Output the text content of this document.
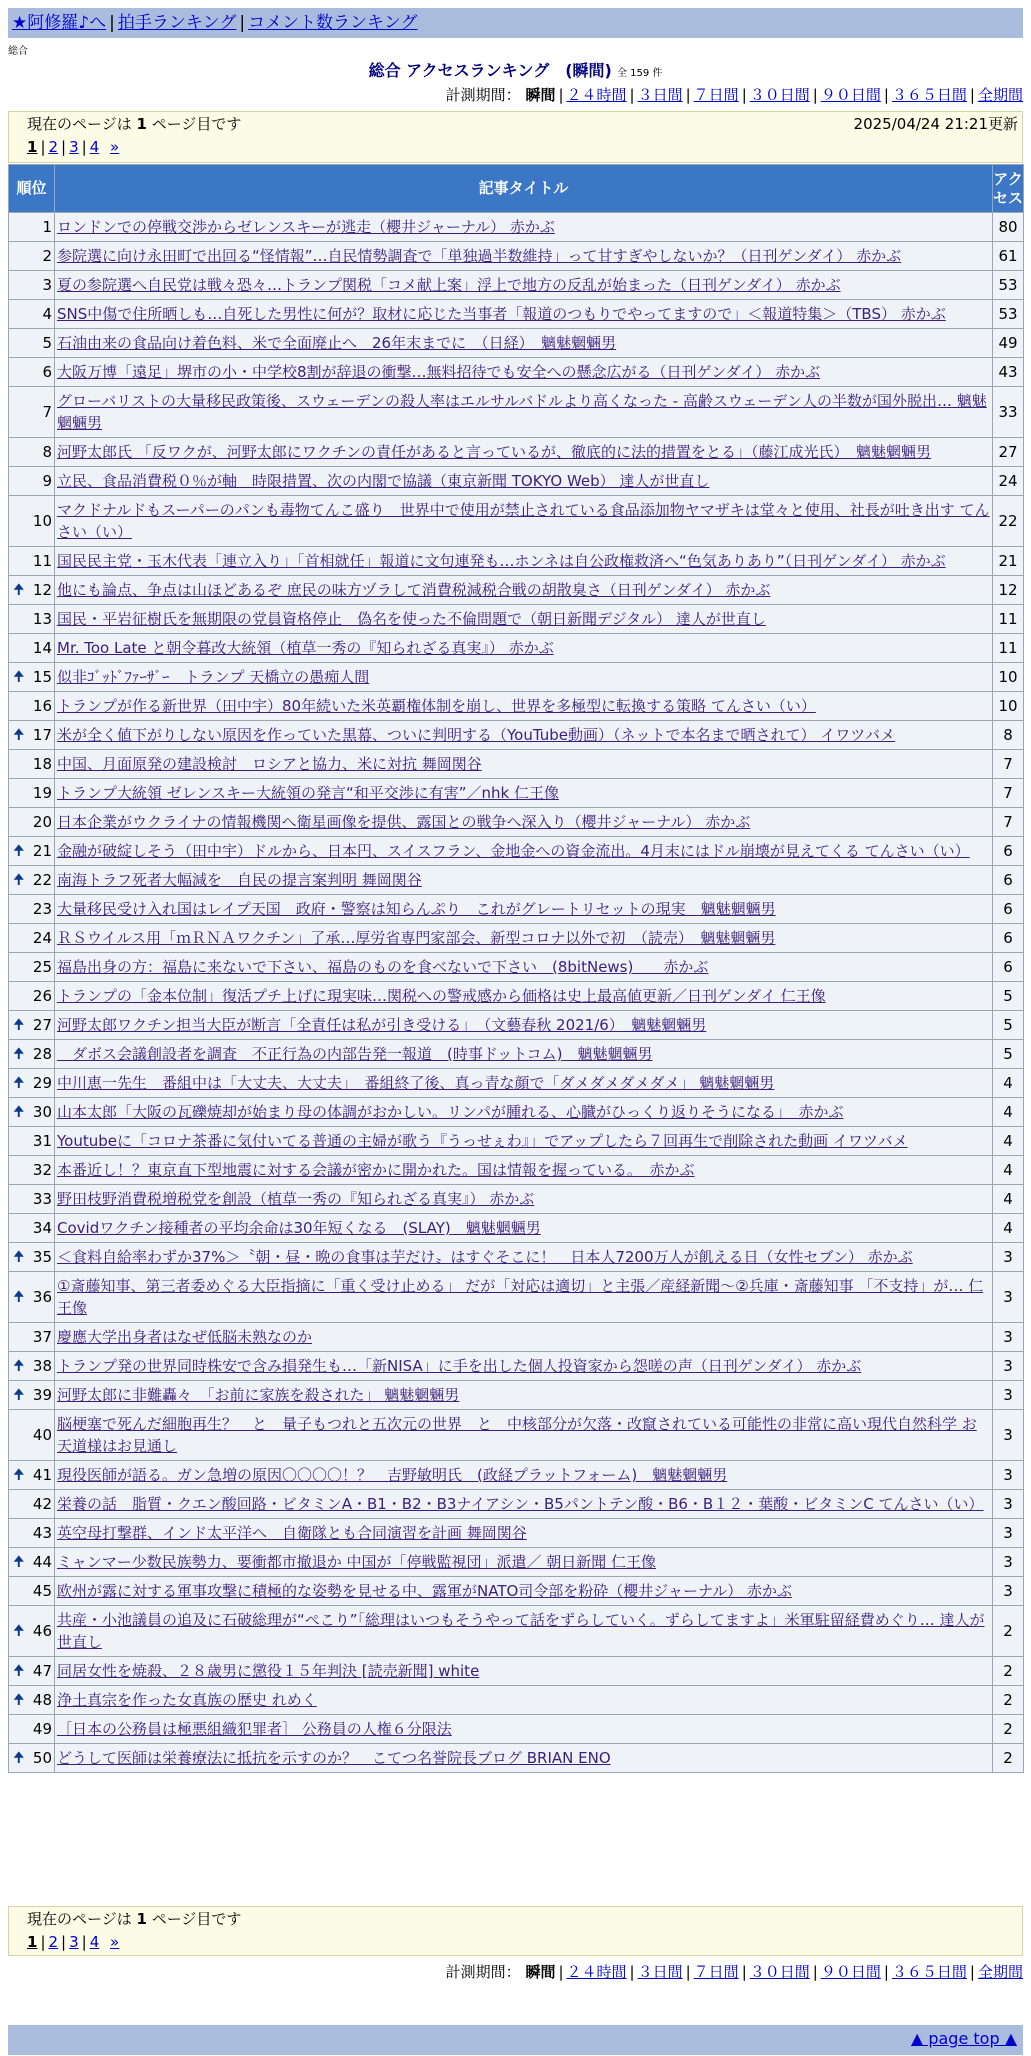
★阿修羅♪へ | 拍手ランキング | コメント数ランキング
総合
総合 アクセスランキング　(瞬間) 全 159 件
計測期間： 瞬間 | ２４時間 | ３日間 | ７日間 | ３０日間 | ９０日間 | ３６５日間 | 全期間
現在のページは 1 ページ目です	2025/04/24 21:21更新
1 | 2 | 3 | 4 »
順位	記事タイトル	アクセス
1	ロンドンでの停戦交渉からゼレンスキーが逃走（櫻井ジャーナル） 赤かぶ	80
2	参院選に向け永田町で出回る“怪情報”…自民情勢調査で「単独過半数維持」って甘すぎやしないか？（日刊ゲンダイ） 赤かぶ	61
3	夏の参院選へ自民党は戦々恐々…トランプ関税「コメ献上案」浮上で地方の反乱が始まった（日刊ゲンダイ） 赤かぶ	53
4	SNS中傷で住所晒しも…自死した男性に何が？取材に応じた当事者「報道のつもりでやってますので」＜報道特集＞（TBS） 赤かぶ	53
5	石油由来の食品向け着色料、米で全面廃止へ　26年末までに　（日経）　魑魅魍魎男	49
6	大阪万博「遠足」堺市の小・中学校8割が辞退の衝撃…無料招待でも安全への懸念広がる（日刊ゲンダイ） 赤かぶ	43
7	グローバリストの大量移民政策後、スウェーデンの殺人率はエルサルバドルより高くなった - 高齢スウェーデン人の半数が国外脱出… 魑魅魍魎男	33
8	河野太郎氏 「反ワクが、河野太郎にワクチンの責任があると言っているが、徹底的に法的措置をとる」（藤江成光氏）　魑魅魍魎男	27
9	立民、食品消費税０％が軸　時限措置、次の内閣で協議（東京新聞 TOKYO Web） 達人が世直し	24
10	マクドナルドもスーパーのパンも毒物てんこ盛り　世界中で使用が禁止されている食品添加物ヤマザキは堂々と使用、社長が吐き出す てんさい（い）	22
11	国民民主党・玉木代表「連立入り」「首相就任」報道に文句連発も…ホンネは自公政権救済へ“色気ありあり”（日刊ゲンダイ） 赤かぶ	21

🠉 12	他にも論点、争点は山ほどあるぞ 庶民の味方ヅラして消費税減税合戦の胡散臭さ（日刊ゲンダイ） 赤かぶ	12
13	国民・平岩征樹氏を無期限の党員資格停止　偽名を使った不倫問題で（朝日新聞デジタル） 達人が世直し	11
14	Mr. Too Late と朝令暮改大統領（植草一秀の『知られざる真実』） 赤かぶ	11

🠉 15	似非ｺﾞｯﾄﾞﾌｧｰｻﾞｰ　トランプ 天橋立の愚痴人間	10
16	トランプが作る新世界（田中宇）80年続いた米英覇権体制を崩し、世界を多極型に転換する策略 てんさい（い）	10

🠉 17	米が全く値下がりしない原因を作っていた黒幕、ついに判明する（YouTube動画）（ネットで本名まで晒されて） イワツバメ	8
18	中国、月面原発の建設検討　ロシアと協力、米に対抗 舞岡関谷	7
19	トランプ大統領 ゼレンスキー大統領の発言“和平交渉に有害”／nhk 仁王像	7
20	日本企業がウクライナの情報機関へ衛星画像を提供、露国との戦争へ深入り（櫻井ジャーナル） 赤かぶ	7

🠉 21	金融が破綻しそう（田中宇）ドルから、日本円、スイスフラン、金地金への資金流出。4月末にはドル崩壊が見えてくる てんさい（い）	6

🠉 22	南海トラフ死者大幅減を　自民の提言案判明 舞岡関谷	6
23	大量移民受け入れ国はレイプ天国　政府・警察は知らんぷり　これがグレートリセットの現実　魑魅魍魎男	6
24	ＲＳウイルス用「ｍＲＮＡワクチン」了承…厚労省専門家部会、新型コロナ以外で初　（読売）　魑魅魍魎男	6
25	福島出身の方：福島に来ないで下さい、福島のものを食べないで下さい　(8bitNews)　　赤かぶ	6
26	トランプの「金本位制」復活プチ上げに現実味…関税への警戒感から価格は史上最高値更新／日刊ゲンダイ 仁王像	5

🠉 27	河野太郎ワクチン担当大臣が断言「全責任は私が引き受ける」　（文藝春秋 2021/6）　魑魅魍魎男	5

🠉 28	　ダボス会議創設者を調査　不正行為の内部告発一報道　(時事ドットコム)　魑魅魍魎男	5

🠉 29	中川恵一先生　番組中は「大丈夫、大丈夫」　番組終了後、真っ青な顔で「ダメダメダメダメ」 魑魅魍魎男	4

🠉 30	山本太郎「大阪の瓦礫焼却が始まり母の体調がおかしい。リンパが腫れる、心臓がひっくり返りそうになる」　赤かぶ	4
31	Youtubeに「コロナ茶番に気付いてる普通の主婦が歌う『うっせぇわ』」でアップしたら７回再生で削除された動画 イワツバメ	4
32	本番近し！？東京直下型地震に対する会議が密かに開かれた。国は情報を握っている。　赤かぶ	4
33	野田枝野消費税増税党を創設（植草一秀の『知られざる真実』） 赤かぶ	4
34	Covidワクチン接種者の平均余命は30年短くなる　(SLAY)　魑魅魍魎男	4

🠉 35	＜食料自給率わずか37%＞〝朝・昼・晩の食事は芋だけ〟はすぐそこに！　日本人7200万人が飢える日（女性セブン） 赤かぶ	3

🠉 36	①斎藤知事、第三者委めぐる大臣指摘に「重く受け止める」 だが「対応は適切」と主張／産経新聞～②兵庫・斎藤知事 「不支持」が… 仁王像	3
37	慶應大学出身者はなぜ低脳未熟なのか	3

🠉 38	トランプ発の世界同時株安で含み損発生も…「新NISA」に手を出した個人投資家から怨嗟の声（日刊ゲンダイ） 赤かぶ	3

🠉 39	河野太郎に非難轟々　「お前に家族を殺された」 魑魅魍魎男	3
40	脳梗塞で死んだ細胞再生？　と　量子もつれと五次元の世界　と　中核部分が欠落・改竄されている可能性の非常に高い現代自然科学 お天道様はお見通し	3

🠉 41	現役医師が語る。ガン急増の原因〇〇〇〇！？　吉野敏明氏　(政経プラットフォーム)　魑魅魍魎男	3
42	栄養の話　脂質・クエン酸回路・ビタミンA・B1・B2・B3ナイアシン・B5パントテン酸・B6・B１２・葉酸・ビタミンC てんさい（い）	3
43	英空母打撃群、インド太平洋へ　自衛隊とも合同演習を計画 舞岡関谷	3

🠉 44	ミャンマー少数民族勢力、要衝都市撤退か 中国が「停戦監視団」派遣／ 朝日新聞 仁王像	3
45	欧州が露に対する軍事攻撃に積極的な姿勢を見せる中、露軍がNATO司令部を粉砕（櫻井ジャーナル） 赤かぶ	3

🠉 46	共産・小池議員の追及に石破総理が“ぺこり”「総理はいつもそうやって話をずらしていく。ずらしてますよ」米軍駐留経費めぐり… 達人が世直し	2

🠉 47	同居女性を焼殺、２８歳男に懲役１５年判決 [読売新聞] white	2

🠉 48	浄土真宗を作った女真族の歴史 れめく	2
49	［日本の公務員は極悪組織犯罪者］ 公務員の人権６分限法	2

🠉 50	どうして医師は栄養療法に抵抗を示すのか？　こてつ名誉院長ブログ BRIAN ENO	2
現在のページは 1 ページ目です
1 | 2 | 3 | 4 »
計測期間： 瞬間 | ２４時間 | ３日間 | ７日間 | ３０日間 | ９０日間 | ３６５日間 | 全期間
▲ page top ▲
